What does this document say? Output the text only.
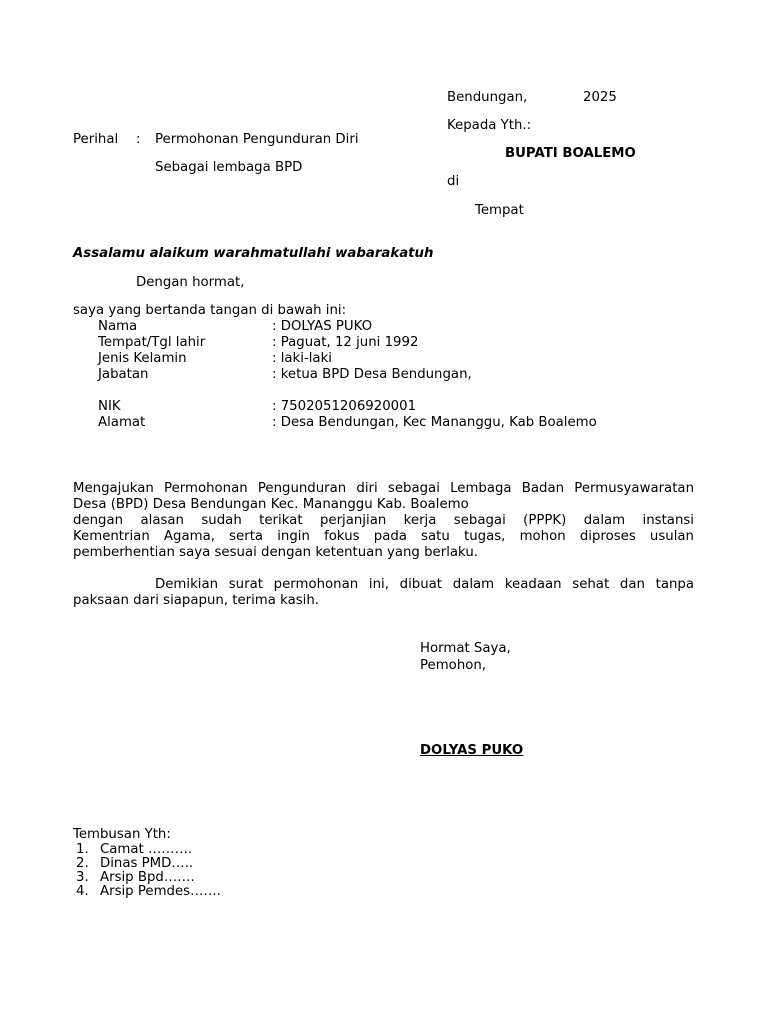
Bendungan,	2025
Kepada Yth.:
BUPATI BOALEMO
di
Tempat
Perihal : Permohonan Pengunduran Diri
Sebagai lembaga BPD
Assalamu alaikum warahmatullahi wabarakatuh
Dengan hormat,
saya yang bertanda tangan di bawah ini:
Nama	: DOLYAS PUKO
Tempat/Tgl lahir	: Paguat, 12 juni 1992
Jenis Kelamin	: laki-laki
Jabatan	: ketua BPD Desa Bendungan,
NIK	: 7502051206920001
Alamat	: Desa Bendungan, Kec Mananggu, Kab Boalemo
Mengajukan Permohonan Pengunduran diri sebagai Lembaga Badan Permusyawaratan
Desa (BPD) Desa Bendungan Kec. Mananggu Kab. Boalemo
dengan alasan sudah terikat perjanjian kerja sebagai (PPPK) dalam instansi
Kementrian Agama, serta ingin fokus pada satu tugas, mohon diproses usulan
pemberhentian saya sesuai dengan ketentuan yang berlaku.
Demikian surat permohonan ini, dibuat dalam keadaan sehat dan tanpa
paksaan dari siapapun, terima kasih.
Hormat Saya,
Pemohon,
DOLYAS PUKO
Tembusan Yth:
1. Camat ……….
2. Dinas PMD…..
3. Arsip Bpd…….
4. Arsip Pemdes…….
